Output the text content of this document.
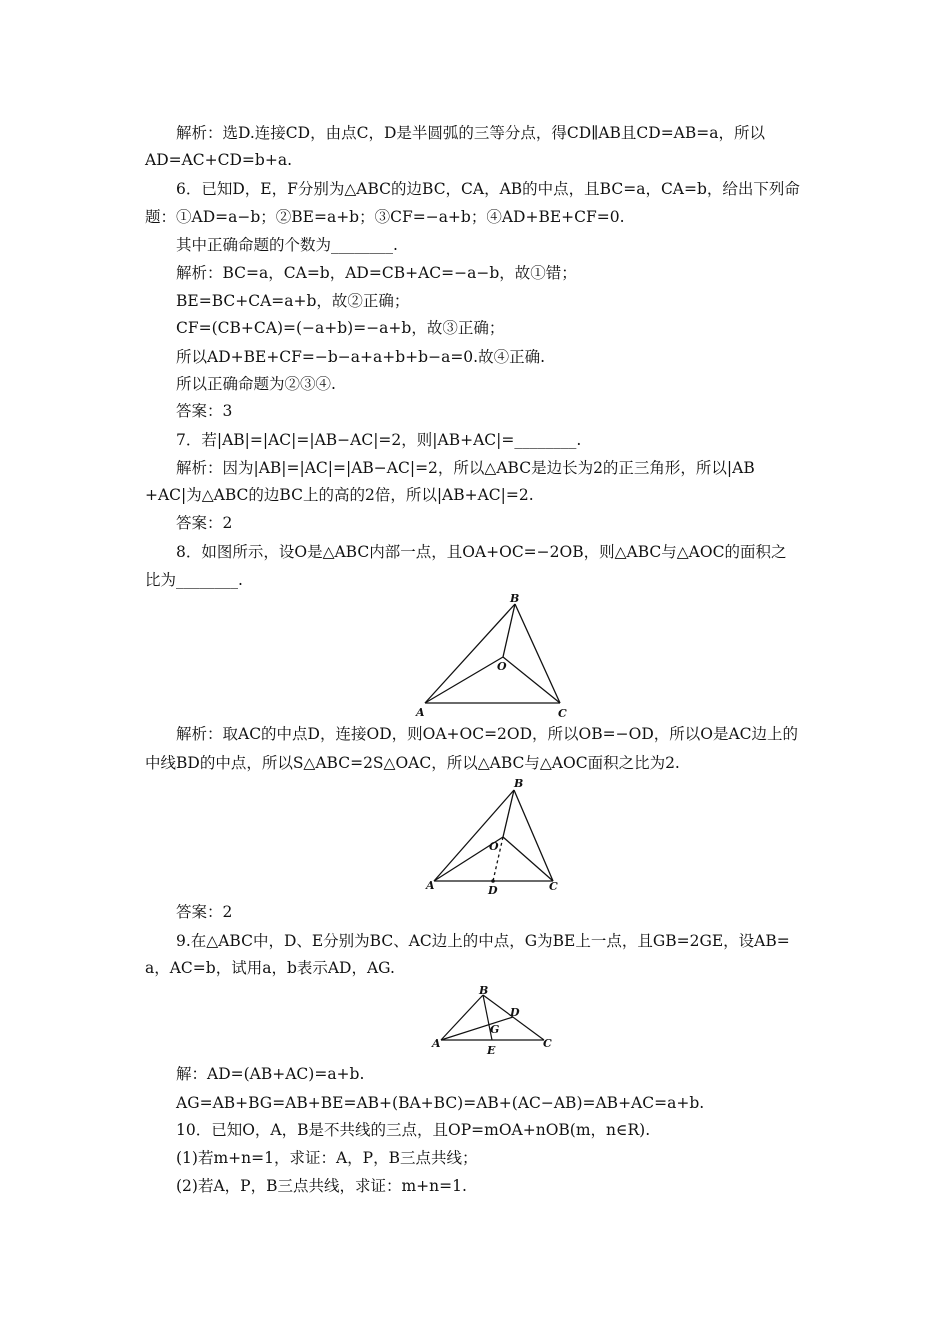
解析：选D.连接CD，由点C，D是半圆弧的三等分点，得CD∥AB且CD=AB=a，所以
AD=AC+CD=b+a.
6．已知D，E，F分别为△ABC的边BC，CA，AB的中点，且BC=a，CA=b，给出下列命
题：①AD=a−b；②BE=a+b；③CF=−a+b；④AD+BE+CF=0.
其中正确命题的个数为________.
解析：BC=a，CA=b，AD=CB+AC=−a−b，故①错；
BE=BC+CA=a+b，故②正确；
CF=(CB+CA)=(−a+b)=−a+b，故③正确；
所以AD+BE+CF=−b−a+a+b+b−a=0.故④正确.
所以正确命题为②③④.
答案：3
7．若|AB|=|AC|=|AB−AC|=2，则|AB+AC|=________.
解析：因为|AB|=|AC|=|AB−AC|=2，所以△ABC是边长为2的正三角形，所以|AB
+AC|为△ABC的边BC上的高的2倍，所以|AB+AC|=2.
答案：2
8．如图所示，设O是△ABC内部一点，且OA+OC=−2OB，则△ABC与△AOC的面积之
比为________.
B
O
A	C
解析：取AC的中点D，连接OD，则OA+OC=2OD，所以OB=−OD，所以O是AC边上的
中线BD的中点，所以S△ABC=2S△OAC，所以△ABC与△AOC面积之比为2.
B
O
A	D	C
答案：2
9.在△ABC中，D、E分别为BC、AC边上的中点，G为BE上一点，且GB=2GE，设AB=
a，AC=b，试用a，b表示AD，AG.
B
D
G
A
E
C
解：AD=(AB+AC)=a+b.
AG=AB+BG=AB+BE=AB+(BA+BC)=AB+(AC−AB)=AB+AC=a+b.
10．已知O，A，B是不共线的三点，且OP=mOA+nOB(m，n∈R).
(1)若m+n=1，求证：A，P，B三点共线；
(2)若A，P，B三点共线，求证：m+n=1.
